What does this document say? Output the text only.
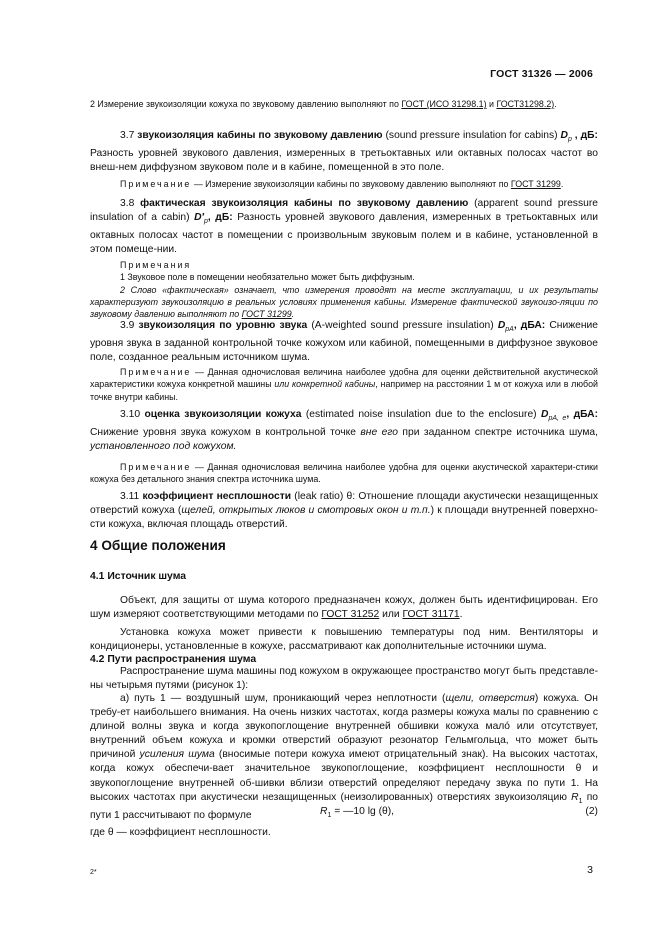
ГОСТ 31326 — 2006
2 Измерение звукоизоляции кожуха по звуковому давлению выполняют по ГОСТ (ИСО 31298.1) и ГОСТ31298.2).
3.7 звукоизоляция кабины по звуковому давлению (sound pressure insulation for cabins) $D_p$ , дБ: Разность уровней звукового давления, измеренных в третьоктавных или октавных полосах частот во внеш-нем диффузном звуковом поле и в кабине, помещенной в это поле.
Примечание — Измерение звукоизоляции кабины по звуковому давлению выполняют по ГОСТ 31299.
3.8 фактическая звукоизоляция кабины по звуковому давлению (apparent sound pressure insulation of a cabin) $D'_p$, дБ: Разность уровней звукового давления, измеренных в третьоктавных или октавных полосах частот в помещении с произвольным звуковым полем и в кабине, установленной в этом помеще-нии.
Примечания
1 Звуковое поле в помещении необязательно может быть диффузным.
2 Слово «фактическая» означает, что измерения проводят на месте эксплуатации, и их результаты характеризуют звукоизоляцию в реальных условиях применения кабины. Измерение фактической звукоизо-ляции по звуковому давлению выполняют по ГОСТ 31299.
3.9 звукоизоляция по уровню звука (A-weighted sound pressure insulation) $D_{pA}$, дБА: Снижение уровня звука в заданной контрольной точке кожухом или кабиной, помещенными в диффузное звуковое поле, созданное реальным источником шума.
Примечание — Данная одночисловая величина наиболее удобна для оценки действительной акустической характеристики кожуха конкретной машины или конкретной кабины, например на расстоянии 1 м от кожуха или в любой точке внутри кабины.
3.10 оценка звукоизоляции кожуха (estimated noise insulation due to the enclosure) $D_{pA, e}$, дБА: Снижение уровня звука кожухом в контрольной точке вне его при заданном спектре источника шума, установленного под кожухом.
Примечание — Данная одночисловая величина наиболее удобна для оценки акустической характери-стики кожуха без детального знания спектра источника шума.
3.11 коэффициент несплошности (leak ratio) θ: Отношение площади акустически незащищенных отверстий кожуха (щелей, открытых люков и смотровых окон и т.п.) к площади внутренней поверхно-сти кожуха, включая площадь отверстий.
4 Общие положения
4.1 Источник шума
Объект, для защиты от шума которого предназначен кожух, должен быть идентифицирован. Его шум измеряют соответствующими методами по ГОСТ 31252 или ГОСТ 31171.
Установка кожуха может привести к повышению температуры под ним. Вентиляторы и кондиционеры, установленные в кожухе, рассматривают как дополнительные источники шума.
4.2 Пути распространения шума
Распространение шума машины под кожухом в окружающее пространство могут быть представле-ны четырьмя путями (рисунок 1):
а) путь 1 — воздушный шум, проникающий через неплотности (щели, отверстия) кожуха. Он требу-ет наибольшего внимания. На очень низких частотах, когда размеры кожуха малы по сравнению с длиной волны звука и когда звукопоглощение внутренней обшивки кожуха малó или отсутствует, внутренний объем кожуха и кромки отверстий образуют резонатор Гельмгольца, что может быть причиной усиления шума (вносимые потери кожуха имеют отрицательный знак). На высоких частотах, когда кожух обеспечи-вает значительное звукопоглощение, коэффициент несплошности θ и звукопоглощение внутренней об-шивки вблизи отверстий определяют передачу звука по пути 1. На высоких частотах при акустически незащищенных (неизолированных) отверстиях звукоизоляцию $R_1$ по пути 1 рассчитывают по формуле	$R_1$ = —10 lg (θ),	(2)
где θ — коэффициент несплошности.
2*	3
